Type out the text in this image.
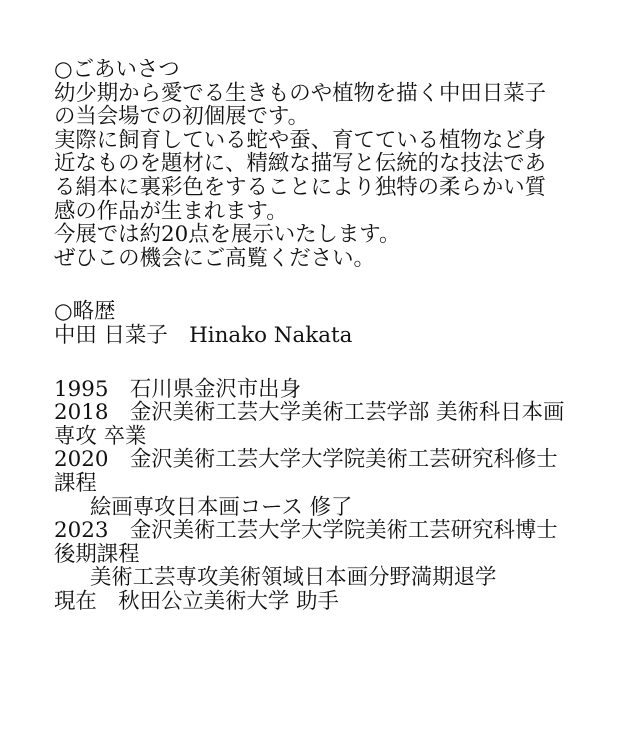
○ごあいさつ
幼少期から愛でる生きものや植物を描く中田日菜子
の当会場での初個展です。
実際に飼育している蛇や蚕、育てている植物など身
近なものを題材に、精緻な描写と伝統的な技法であ
る絹本に裏彩色をすることにより独特の柔らかい質
感の作品が生まれます。
今展では約20点を展示いたします。
ぜひこの機会にご高覧ください。
○略歴
中田 日菜子　Hinako Nakata
1995　石川県金沢市出身
2018　金沢美術工芸大学美術工芸学部 美術科日本画
専攻 卒業
2020　金沢美術工芸大学大学院美術工芸研究科修士
課程
絵画専攻日本画コース 修了
2023　金沢美術工芸大学大学院美術工芸研究科博士
後期課程
美術工芸専攻美術領域日本画分野満期退学
現在　秋田公立美術大学 助手
